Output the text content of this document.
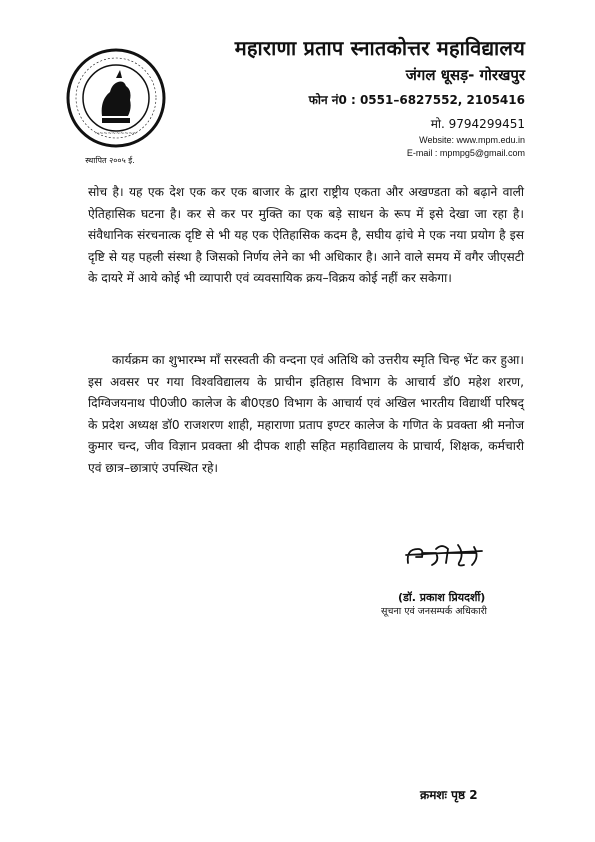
~~~~~~~~~~
स्थापित २००५ ई.
महाराणा प्रताप स्नातकोत्तर महाविद्यालय
जंगल धूसड़- गोरखपुर
फोन नं0 : 0551–6827552, 2105416
मो. 9794299451
Website: www.mpm.edu.in
E-mail : mpmpg5@gmail.com
सोच है। यह एक देश एक कर एक बाजार के द्वारा राष्ट्रीय एकता और अखण्डता को बढ़ाने वाली ऐतिहासिक घटना है। कर से कर पर मुक्ति का एक बड़े साधन के रूप में इसे देखा जा रहा है। संवैधानिक संरचनात्क दृष्टि से भी यह एक ऐतिहासिक कदम है, सघीय ढ़ांचे मे एक नया प्रयोग है इस दृष्टि से यह पहली संस्था है जिसको निर्णय लेने का भी अधिकार है। आने वाले समय में वगैर जीएसटी के दायरे में आये कोई भी व्यापारी एवं व्यवसायिक क्रय–विक्रय कोई नहीं कर सकेगा।
कार्यक्रम का शुभारम्भ माँ सरस्वती की वन्दना एवं अतिथि को उत्तरीय स्मृति चिन्ह भेंट कर हुआ। इस अवसर पर गया विश्वविद्यालय के प्राचीन इतिहास विभाग के आचार्य डॉ0 महेश शरण, दिग्विजयनाथ पी0जी0 कालेज के बी0एड0 विभाग के आचार्य एवं अखिल भारतीय विद्यार्थी परिषद् के प्रदेश अध्यक्ष डॉ0 राजशरण शाही, महाराणा प्रताप इण्टर कालेज के गणित के प्रवक्ता श्री मनोज कुमार चन्द, जीव विज्ञान प्रवक्ता श्री दीपक शाही सहित महाविद्यालय के प्राचार्य, शिक्षक, कर्मचारी एवं छात्र–छात्राएं उपस्थित रहे।
(डॉ. प्रकाश प्रियदर्शी)
सूचना एवं जनसम्पर्क अधिकारी
क्रमशः पृष्ठ 2
